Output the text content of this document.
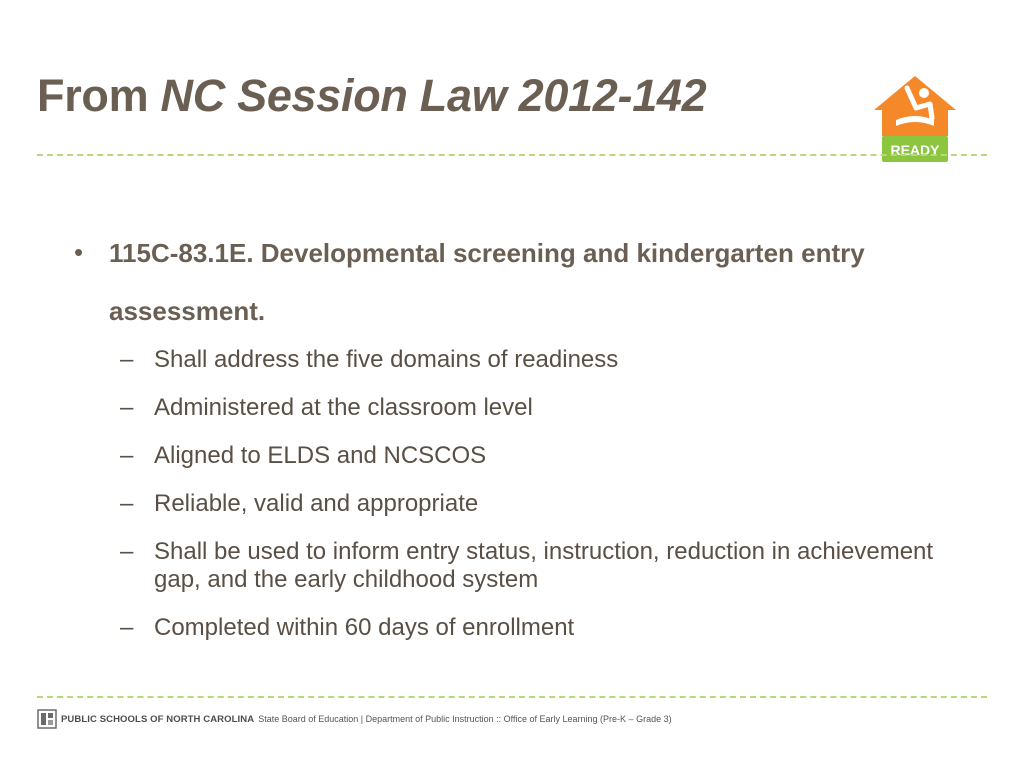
From NC Session Law 2012-142
READY
• 115C-83.1E. Developmental screening and kindergarten entry assessment.
– Shall address the five domains of readiness
– Administered at the classroom level
– Aligned to ELDS and NCSCOS
– Reliable, valid and appropriate
– Shall be used to inform entry status, instruction, reduction in achievement gap, and the early childhood system
– Completed within 60 days of enrollment
PUBLIC SCHOOLS OF NORTH CAROLINA State Board of Education | Department of Public Instruction :: Office of Early Learning (Pre-K – Grade 3)
